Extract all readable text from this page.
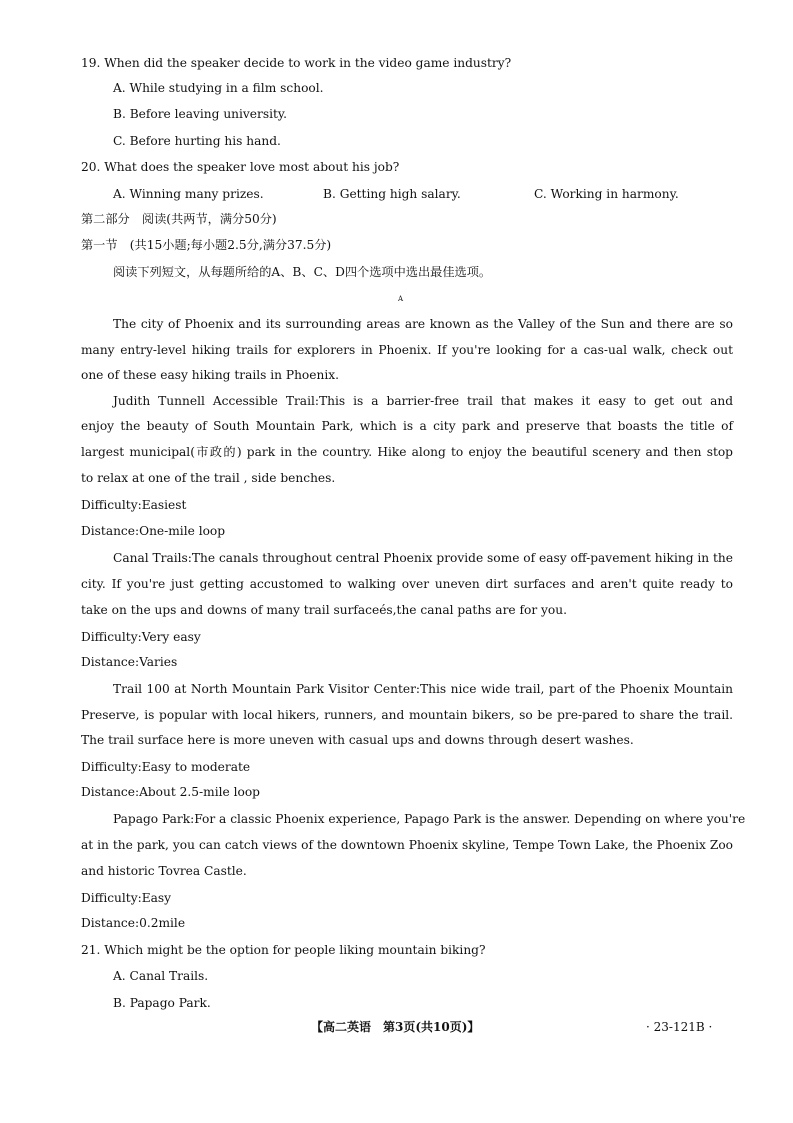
19. When did the speaker decide to work in the video game industry?
A. While studying in a film school.
B. Before leaving university.
C. Before hurting his hand.
20. What does the speaker love most about his job?
A. Winning many prizes.	B. Getting high salary.	C. Working in harmony.
第二部分　阅读(共两节，满分50分)
第一节　(共15小题;每小题2.5分,满分37.5分)
阅读下列短文，从每题所给的A、B、C、D四个选项中选出最佳选项。
A
The city of Phoenix and its surrounding areas are known as the Valley of the Sun and there are so
many entry-level hiking trails for explorers in Phoenix. If you're looking for a cas-ual walk, check out
one of these easy hiking trails in Phoenix.
Judith Tunnell Accessible Trail:This is a barrier-free trail that makes it easy to get out and
enjoy the beauty of South Mountain Park, which is a city park and preserve that boasts the title of
largest municipal(市政的) park in the country. Hike along to enjoy the beautiful scenery and then stop
to relax at one of the trail , side benches.
Difficulty:Easiest
Distance:One-mile loop
Canal Trails:The canals throughout central Phoenix provide some of easy off-pavement hiking in the
city. If you're just getting accustomed to walking over uneven dirt surfaces and aren't quite ready to
take on the ups and downs of many trail surfaceés,the canal paths are for you.
Difficulty:Very easy
Distance:Varies
Trail 100 at North Mountain Park Visitor Center:This nice wide trail, part of the Phoenix Mountain
Preserve, is popular with local hikers, runners, and mountain bikers, so be pre-pared to share the trail.
The trail surface here is more uneven with casual ups and downs through desert washes.
Difficulty:Easy to moderate
Distance:About 2.5-mile loop
Papago Park:For a classic Phoenix experience, Papago Park is the answer. Depending on where you're
at in the park, you can catch views of the downtown Phoenix skyline, Tempe Town Lake, the Phoenix Zoo
and historic Tovrea Castle.
Difficulty:Easy
Distance:0.2mile
21. Which might be the option for people liking mountain biking?
A. Canal Trails.
B. Papago Park.
【高二英语　第3页(共10页)】	· 23-121B ·
